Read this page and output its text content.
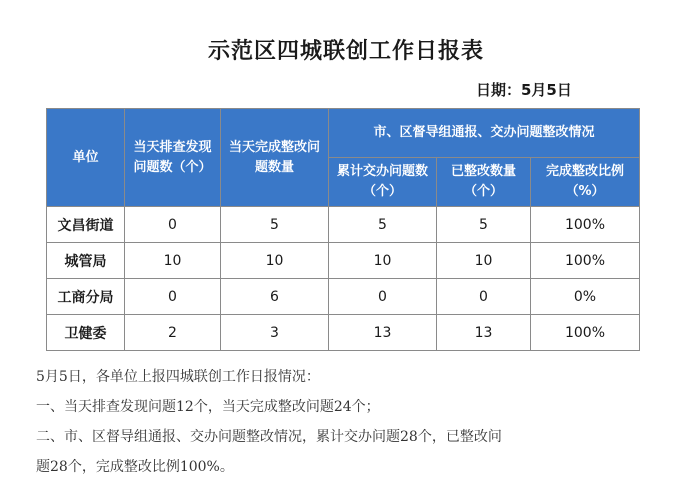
示范区四城联创工作日报表
日期：5月5日
单位	当天排查发现问题数（个）	当天完成整改问题数量	市、区督导组通报、交办问题整改情况		
			累计交办问题数（个）	已整改数量（个）	完成整改比例（%）
文昌街道	0	5	5	5	100%
城管局	10	10	10	10	100%
工商分局	0	6	0	0	0%
卫健委	2	3	13	13	100%
5月5日，各单位上报四城联创工作日报情况：
一、当天排查发现问题12个，当天完成整改问题24个；
二、市、区督导组通报、交办问题整改情况，累计交办问题28个，已整改问
题28个，完成整改比例100%。
